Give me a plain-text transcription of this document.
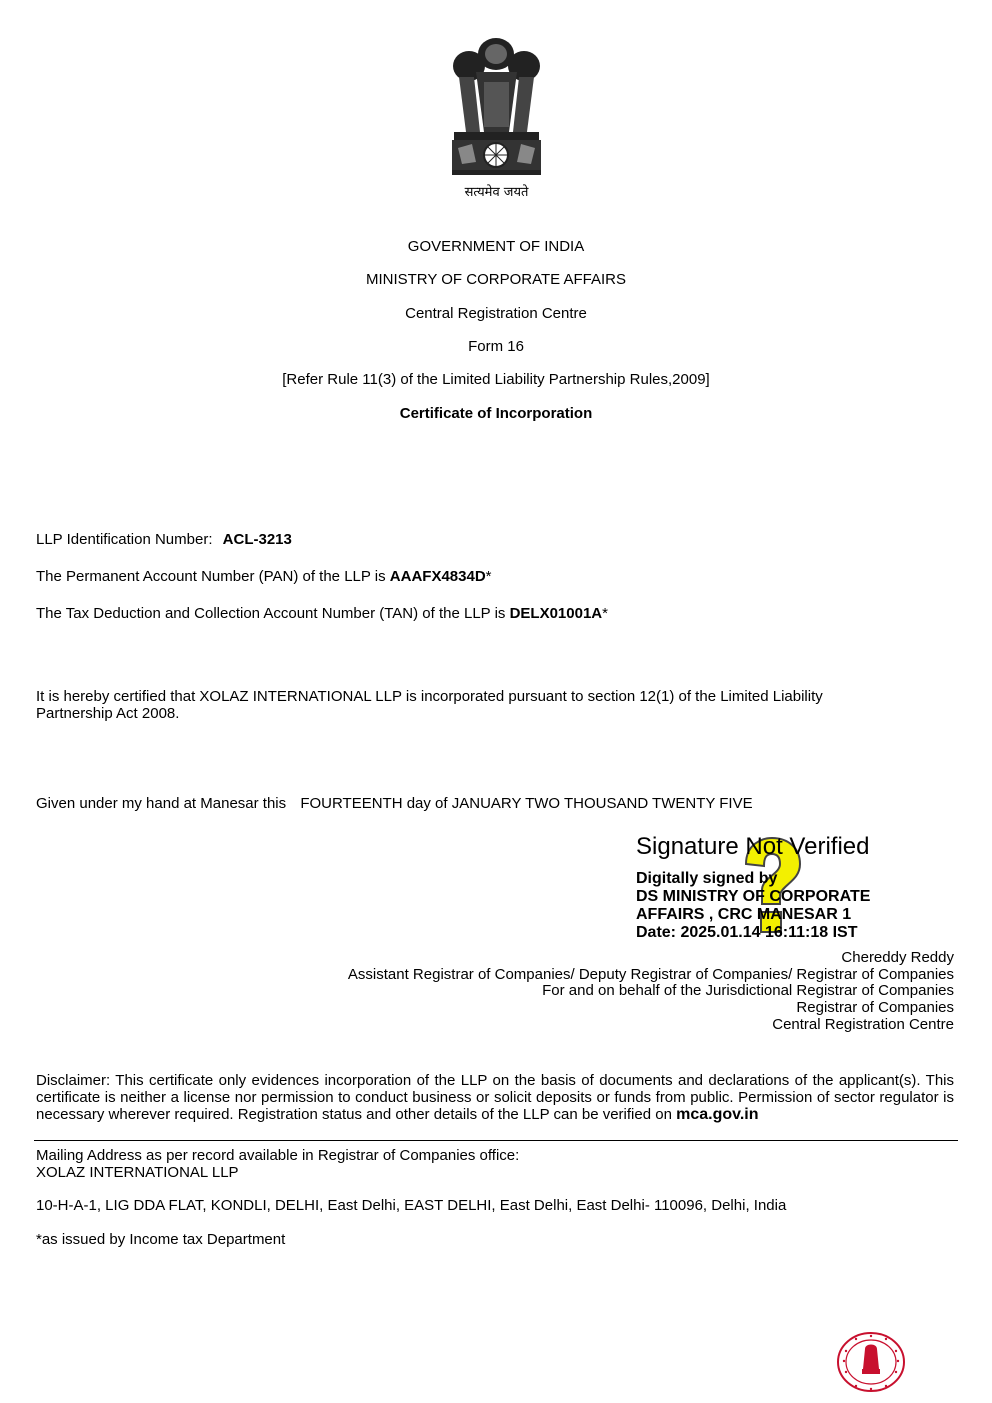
सत्यमेव जयते
GOVERNMENT OF INDIA
MINISTRY OF CORPORATE AFFAIRS
Central Registration Centre
Form 16
[Refer Rule 11(3) of the Limited Liability Partnership Rules,2009]
Certificate of Incorporation
LLP Identification Number: ACL-3213
The Permanent Account Number (PAN) of the LLP is AAAFX4834D*
The Tax Deduction and Collection Account Number (TAN) of the LLP is DELX01001A*
It is hereby certified that XOLAZ INTERNATIONAL LLP is incorporated pursuant to section 12(1) of the Limited Liability
Partnership Act 2008.
Given under my hand at Manesar this FOURTEENTH day of JANUARY TWO THOUSAND TWENTY FIVE
Signature Not Verified
Digitally signed by
DS MINISTRY OF CORPORATE
AFFAIRS , CRC MANESAR 1
Date: 2025.01.14 16:11:18 IST
Chereddy Reddy
Assistant Registrar of Companies/ Deputy Registrar of Companies/ Registrar of Companies
For and on behalf of the Jurisdictional Registrar of Companies
Registrar of Companies
Central Registration Centre
Disclaimer: This certificate only evidences incorporation of the LLP on the basis of documents and declarations of the applicant(s). This certificate is neither a license nor permission to conduct business or solicit deposits or funds from public. Permission of sector regulator is necessary wherever required. Registration status and other details of the LLP can be verified on mca.gov.in
Mailing Address as per record available in Registrar of Companies office:
XOLAZ INTERNATIONAL LLP
10-H-A-1, LIG DDA FLAT, KONDLI, DELHI, East Delhi, EAST DELHI, East Delhi, East Delhi- 110096, Delhi, India
*as issued by Income tax Department
